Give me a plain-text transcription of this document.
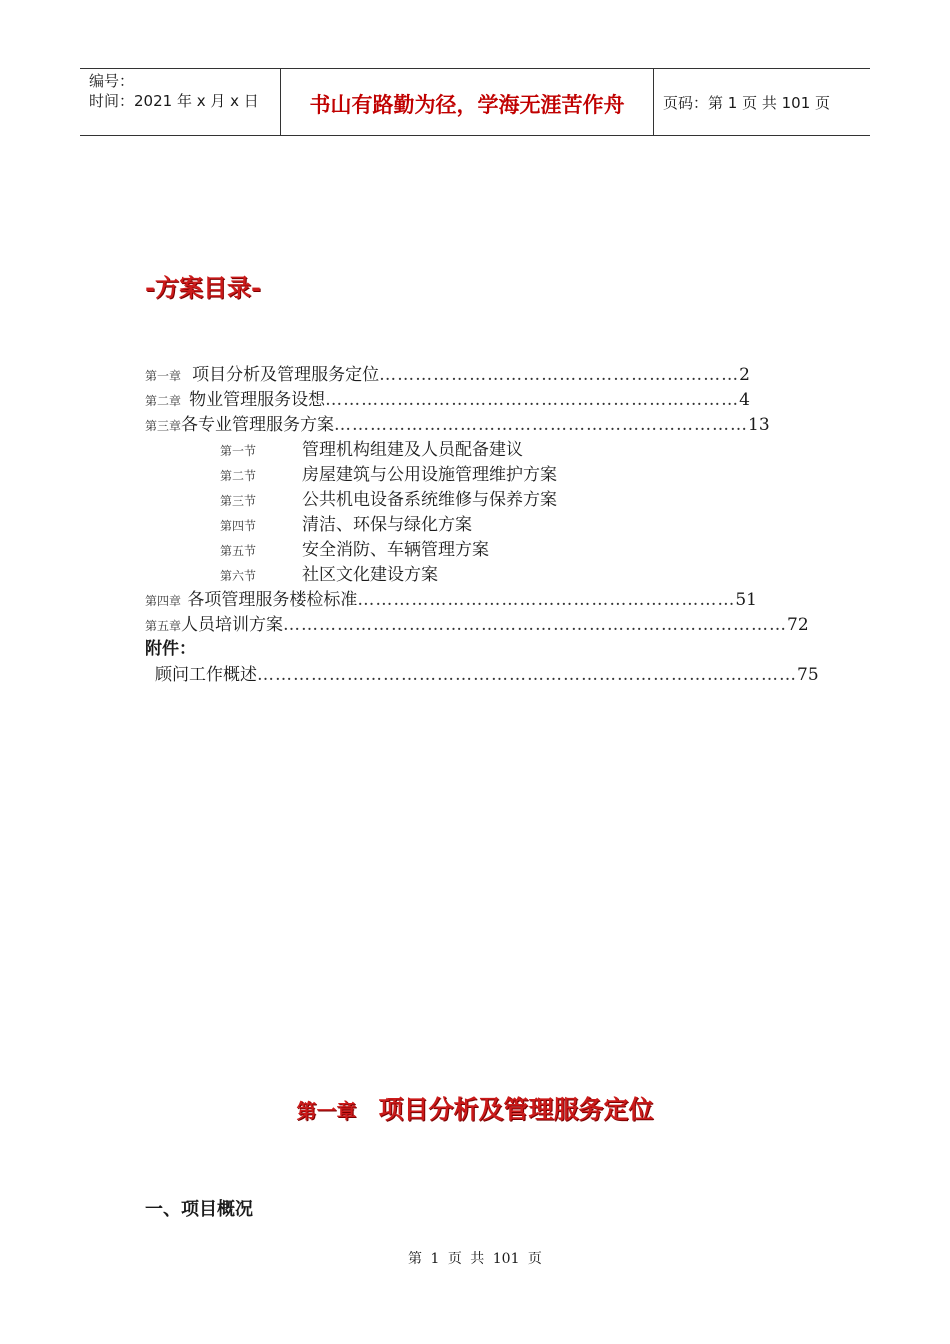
编号：
时间：2021 年 x 月 x 日	书山有路勤为径，学海无涯苦作舟	页码：第 1 页 共 101 页
-方案目录-
第一章 项目分析及管理服务定位 …………………………………………………… 2
第二章 物业管理服务设想 …………………………………………………………… 4
第三章 各专业管理服务方案 …………………………………………………………… 13
第一节	管理机构组建及人员配备建议
第二节	房屋建筑与公用设施管理维护方案
第三节	公共机电设备系统维修与保养方案
第四节	清洁、环保与绿化方案
第五节	安全消防、车辆管理方案
第六节	社区文化建设方案
第四章 各项管理服务楼检标准 ……………………………………………………… 51
第五章 人员培训方案 ………………………………………………………………………… 72
附件：
顾问工作概述 ……………………………………………………………………………… 75
第一章 项目分析及管理服务定位
一、项目概况
第 1 页 共 101 页
